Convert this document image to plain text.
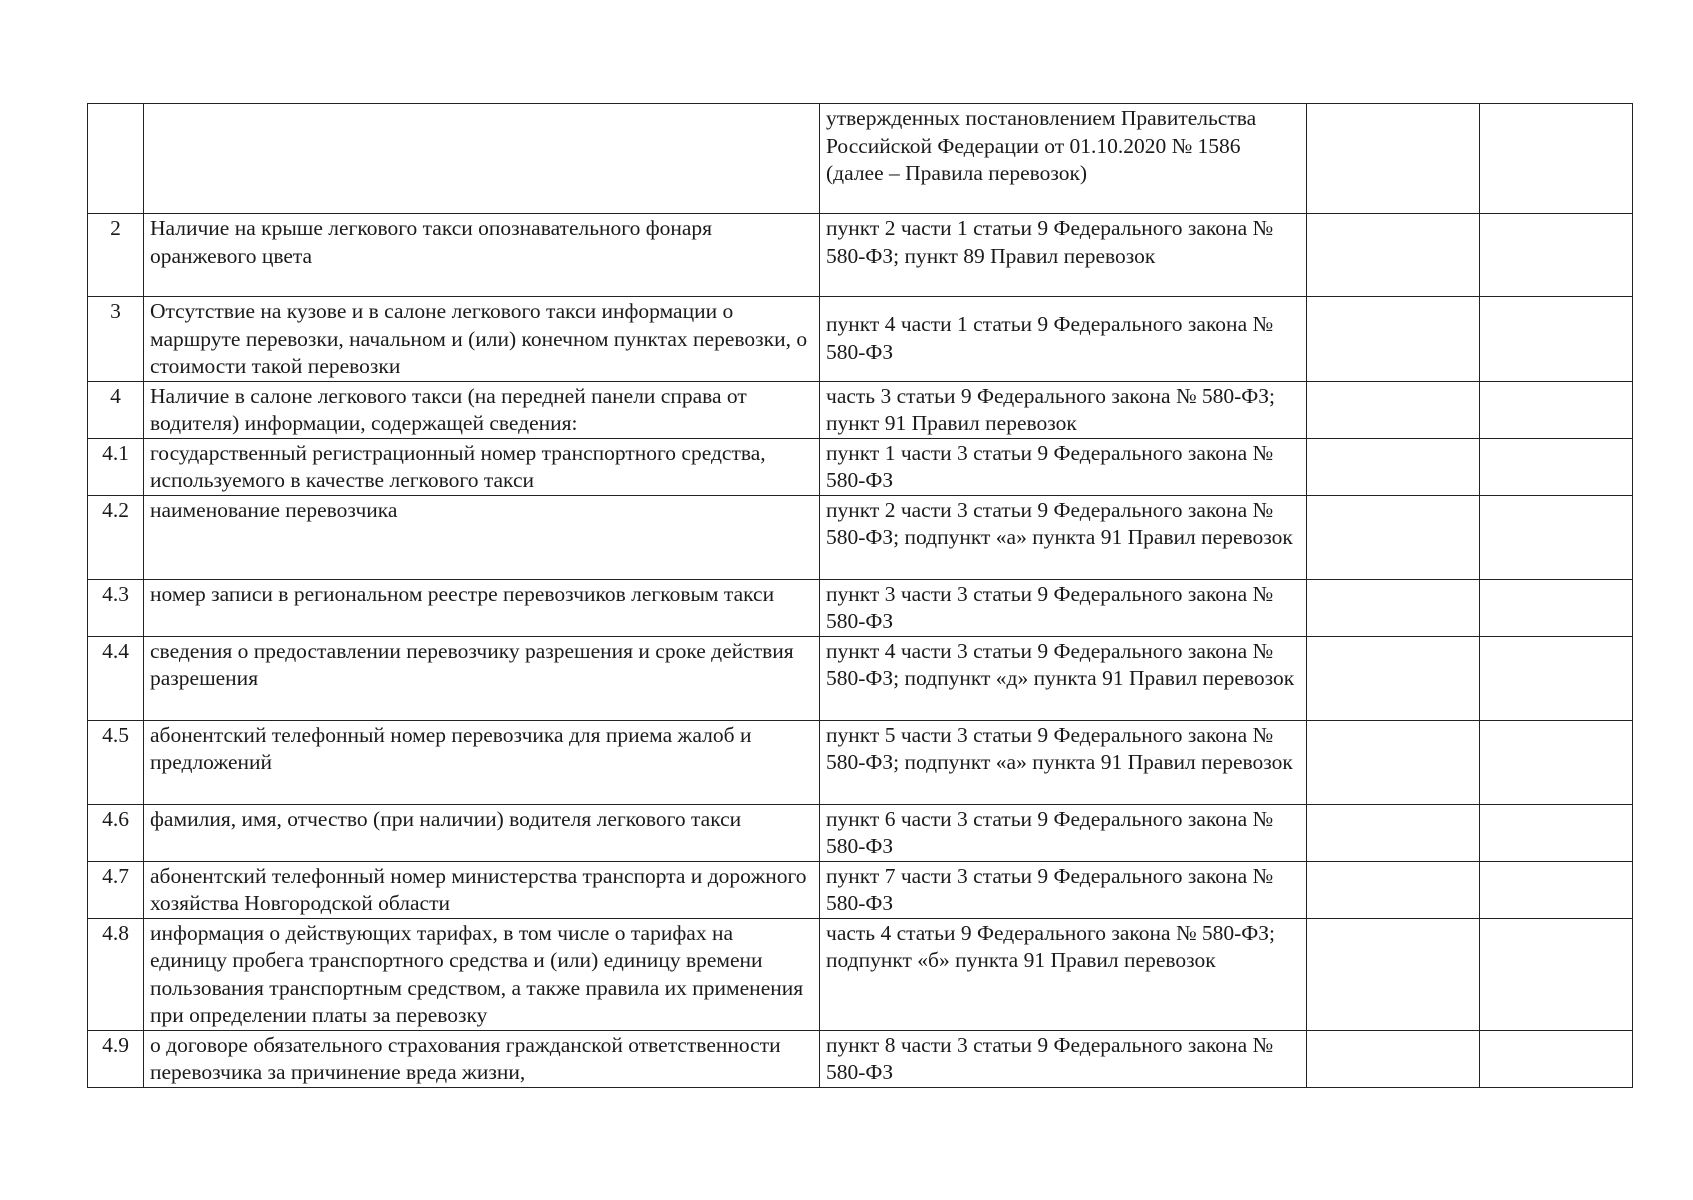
		утвержденных постановлением Правительства Российской Федерации от 01.10.2020 № 1586 (далее – Правила перевозок)		
2	Наличие на крыше легкового такси опознавательного фонаря оранжевого цвета	пункт 2 части 1 статьи 9 Федерального закона № 580-ФЗ; пункт 89 Правил перевозок		
3	Отсутствие на кузове и в салоне легкового такси информации о маршруте перевозки, начальном и (или) конечном пунктах перевозки, о стоимости такой перевозки	пункт 4 части 1 статьи 9 Федерального закона № 580-ФЗ		
4	Наличие в салоне легкового такси (на передней панели справа от водителя) информации, содержащей сведения:	часть 3 статьи 9 Федерального закона № 580-ФЗ; пункт 91 Правил перевозок		
4.1	государственный регистрационный номер транспортного средства, используемого в качестве легкового такси	пункт 1 части 3 статьи 9 Федерального закона № 580-ФЗ		
4.2	наименование перевозчика	пункт 2 части 3 статьи 9 Федерального закона № 580-ФЗ; подпункт «а» пункта 91 Правил перевозок		
4.3	номер записи в региональном реестре перевозчиков легковым такси	пункт 3 части 3 статьи 9 Федерального закона № 580-ФЗ		
4.4	сведения о предоставлении перевозчику разрешения и сроке действия разрешения	пункт 4 части 3 статьи 9 Федерального закона № 580-ФЗ; подпункт «д» пункта 91 Правил перевозок		
4.5	абонентский телефонный номер перевозчика для приема жалоб и предложений	пункт 5 части 3 статьи 9 Федерального закона № 580-ФЗ; подпункт «а» пункта 91 Правил перевозок		
4.6	фамилия, имя, отчество (при наличии) водителя легкового такси	пункт 6 части 3 статьи 9 Федерального закона № 580-ФЗ		
4.7	абонентский телефонный номер министерства транспорта и дорожного хозяйства Новгородской области	пункт 7 части 3 статьи 9 Федерального закона № 580-ФЗ		
4.8	информация о действующих тарифах, в том числе о тарифах на единицу пробега транспортного средства и (или) единицу времени пользования транспортным средством, а также правила их применения при определении платы за перевозку	часть 4 статьи 9 Федерального закона № 580-ФЗ; подпункт «б» пункта 91 Правил перевозок		
4.9	о договоре обязательного страхования гражданской ответственности перевозчика за причинение вреда жизни,	пункт 8 части 3 статьи 9 Федерального закона № 580-ФЗ		
